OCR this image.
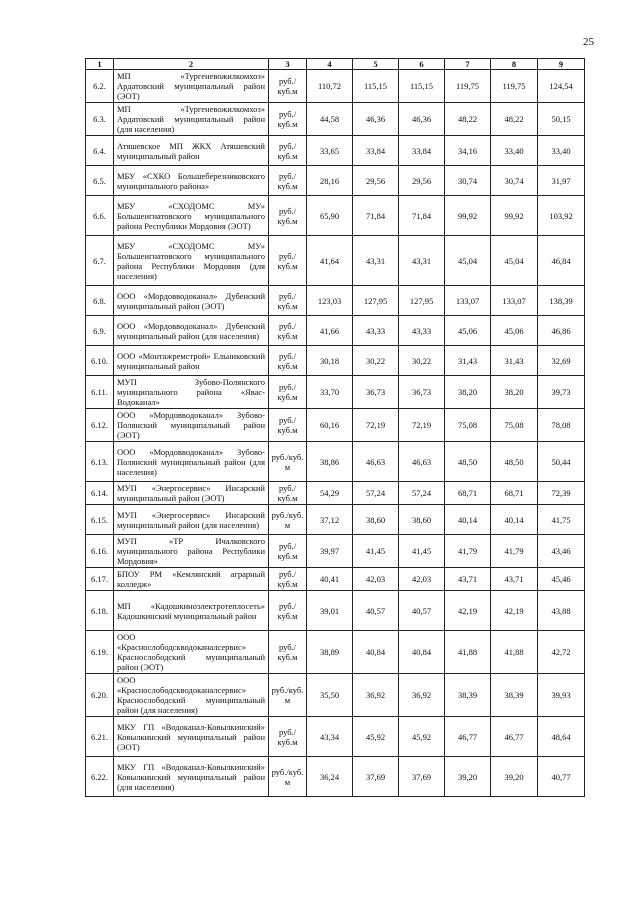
25
1	2	3	4	5	6	7	8	9
6.2.	МП «Тургеневожилкомхоз» Ардатовский муниципальный район (ЭОТ)	руб./куб.м	110,72	115,15	115,15	119,75	119,75	124,54
6.3.	МП «Тургеневожилкомхоз» Ардатовский муниципальный район (для населения)	руб./куб.м	44,58	46,36	46,36	48,22	48,22	50,15
6.4.	Атяшевское МП ЖКХ Атяшевский муниципальный район	руб./куб.м	33,65	33,84	33,84	34,16	33,40	33,40
6.5.	МБУ «СХКО Большеберезниковского муниципального района»	руб./куб.м	28,16	29,56	29,56	30,74	30,74	31,97
6.6.	МБУ «СХОДОМС МУ» Большеигнатовского муниципального района Республики Мордовия (ЭОТ)	руб./куб.м	65,90	71,84	71,84	99,92	99,92	103,92
6.7.	МБУ «СХОДОМС МУ» Большеигнатовского муниципального района Республики Мордовия (для населения)	руб./куб.м	41,64	43,31	43,31	45,04	45,04	46,84
6.8.	ООО «Мордовводоканал» Дубенский муниципальный район (ЭОТ)	руб./куб.м	123,03	127,95	127,95	133,07	133,07	138,39
6.9.	ООО «Мордовводоканал» Дубенский муниципальный район (для населения)	руб./куб.м	41,66	43,33	43,33	45,06	45,06	46,86
6.10.	ООО «Монтажремстрой» Ельниковский муниципальный район	руб./куб.м	30,18	30,22	30,22	31,43	31,43	32,69
6.11.	МУП Зубово-Полянского муниципального района «Явас-Водоканал»	руб./куб.м	33,70	36,73	36,73	38,20	38,20	39,73
6.12.	ООО «Мордовводоканал» Зубово-Полянский муниципальный район (ЭОТ)	руб./куб.м	60,16	72,19	72,19	75,08	75,08	78,08
6.13.	ООО «Мордовводоканал» Зубово-Полянский муниципальный район (для населения)	руб./куб. м	38,86	46,63	46,63	48,50	48,50	50,44
6.14.	МУП «Энергосервис» Инсарский муниципальный район (ЭОТ)	руб./куб.м	54,29	57,24	57,24	68,71	68,71	72,39
6.15.	МУП «Энергосервис» Инсарский муниципальный район (для населения)	руб./куб. м	37,12	38,60	38,60	40,14	40,14	41,75
6.16.	МУП «ТР Ичалковского муниципального района Республики Мордовия»	руб./куб.м	39,97	41,45	41,45	41,79	41,79	43,46
6.17.	БПОУ РМ «Кемлянский аграрный колледж»	руб./куб.м	40,41	42,03	42,03	43,71	43,71	45,46
6.18.	МП «Кадошкиноэлектротеплосеть» Кадошкинский муниципальный район	руб./куб.м	39,01	40,57	40,57	42,19	42,19	43,88
6.19.	ООО «Краснослободскводоканалсервис» Краснослободский муниципальный район (ЭОТ)	руб./куб.м	38,89	40,84	40,84	41,88	41,88	42,72
6.20.	ООО «Краснослободскводоканалсервис» Краснослободский муниципальный район (для населения)	руб./куб. м	35,50	36,92	36,92	38,39	38,39	39,93
6.21.	МКУ ГП «Водоканал-Ковылкинский» Ковылкинский муниципальный район (ЭОТ)	руб./куб.м	43,34	45,92	45,92	46,77	46,77	48,64
6.22.	МКУ ГП «Водоканал-Ковылкинский» Ковылкинский муниципальный район (для населения)	руб./куб. м	36,24	37,69	37,69	39,20	39,20	40,77
